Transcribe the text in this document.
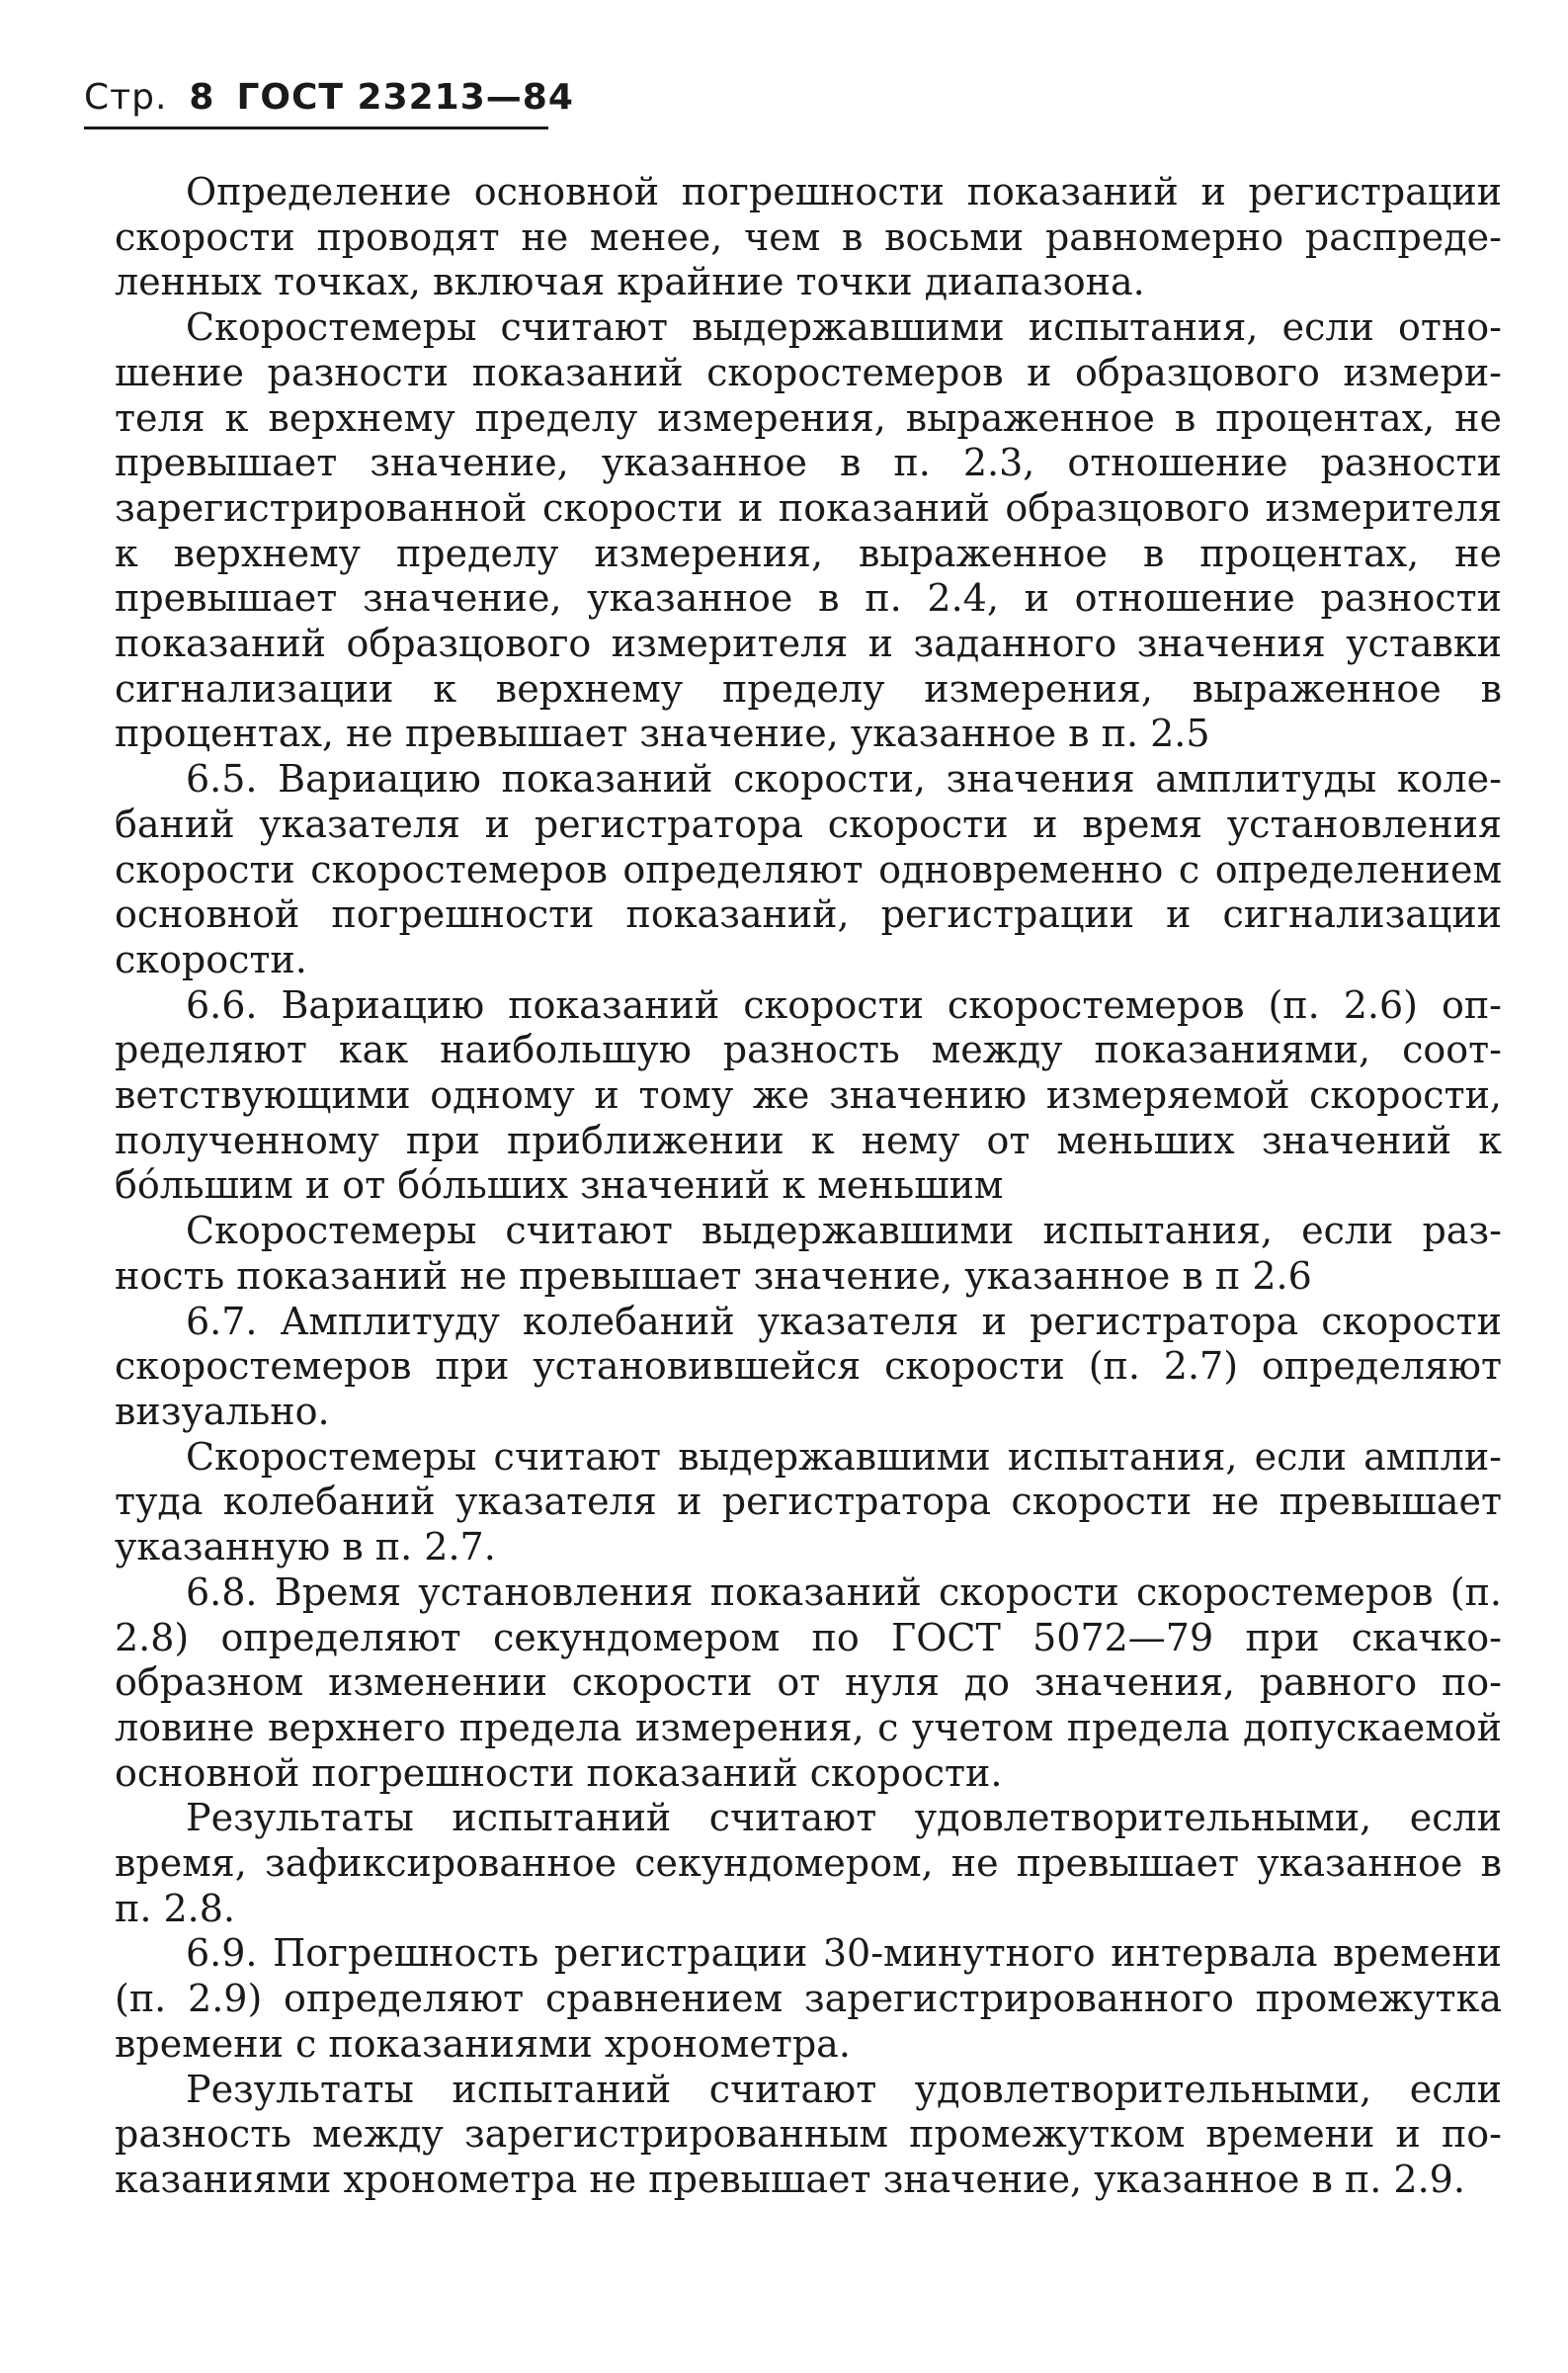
Стр. 8 ГОСТ 23213—84

Определение основной погрешности показаний и регистрации скорости проводят не менее, чем в восьми равномерно распределенных точках, включая крайние точки диапазона.

Скоростемеры считают выдержавшими испытания, если отношение разности показаний скоростемеров и образцового измерителя к верхнему пределу измерения, выраженное в процентах, не превышает значение, указанное в п. 2.3, отношение разности зарегистрированной скорости и показаний образцового измерителя к верхнему пределу измерения, выраженное в процентах, не превышает значение, указанное в п. 2.4, и отношение разности показаний образцового измерителя и заданного значения уставки сигнализации к верхнему пределу измерения, выраженное в процентах, не превышает значение, указанное в п. 2.5

6.5. Вариацию показаний скорости, значения амплитуды колебаний указателя и регистратора скорости и время установления скорости скоростемеров определяют одновременно с определением основной погрешности показаний, регистрации и сигнализации скорости.

6.6. Вариацию показаний скорости скоростемеров (п. 2.6) определяют как наибольшую разность между показаниями, соответствующими одному и тому же значению измеряемой скорости, полученному при приближении к нему от меньших значений к бóльшим и от бóльших значений к меньшим

Скоростемеры считают выдержавшими испытания, если разность показаний не превышает значение, указанное в п 2.6

6.7. Амплитуду колебаний указателя и регистратора скорости скоростемеров при установившейся скорости (п. 2.7) определяют визуально.

Скоростемеры считают выдержавшими испытания, если амплитуда колебаний указателя и регистратора скорости не превышает указанную в п. 2.7.

6.8. Время установления показаний скорости скоростемеров (п. 2.8) определяют секундомером по ГОСТ 5072—79 при скачкообразном изменении скорости от нуля до значения, равного половине верхнего предела измерения, с учетом предела допускаемой основной погрешности показаний скорости.

Результаты испытаний считают удовлетворительными, если время, зафиксированное секундомером, не превышает указанное в п. 2.8.

6.9. Погрешность регистрации 30-минутного интервала времени (п. 2.9) определяют сравнением зарегистрированного промежутка времени с показаниями хронометра.

Результаты испытаний считают удовлетворительными, если разность между зарегистрированным промежутком времени и показаниями хронометра не превышает значение, указанное в п. 2.9.
